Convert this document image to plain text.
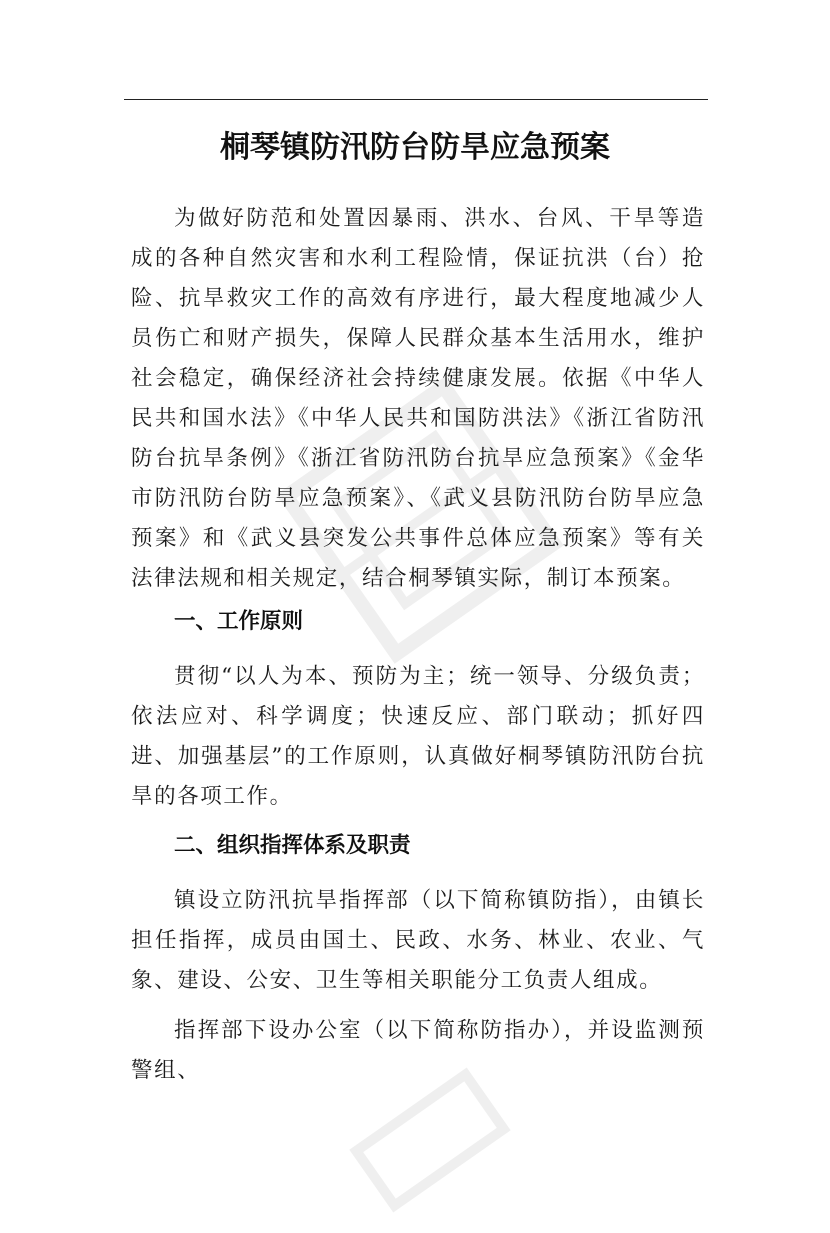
桐琴镇防汛防台防旱应急预案
为做好防范和处置因暴雨、洪水、台风、干旱等造成的各种自然灾害和水利工程险情，保证抗洪（台）抢险、抗旱救灾工作的高效有序进行，最大程度地减少人员伤亡和财产损失，保障人民群众基本生活用水，维护社会稳定，确保经济社会持续健康发展。依据《中华人民共和国水法》《中华人民共和国防洪法》《浙江省防汛防台抗旱条例》《浙江省防汛防台抗旱应急预案》《金华市防汛防台防旱应急预案》、《武义县防汛防台防旱应急预案》和《武义县突发公共事件总体应急预案》等有关法律法规和相关规定，结合桐琴镇实际，制订本预案。
一、工作原则
贯彻“以人为本、预防为主；统一领导、分级负责；依法应对、科学调度；快速反应、部门联动；抓好四进、加强基层”的工作原则，认真做好桐琴镇防汛防台抗旱的各项工作。
二、组织指挥体系及职责
镇设立防汛抗旱指挥部（以下简称镇防指），由镇长担任指挥，成员由国土、民政、水务、林业、农业、气象、建设、公安、卫生等相关职能分工负责人组成。
指挥部下设办公室（以下简称防指办），并设监测预警组、
